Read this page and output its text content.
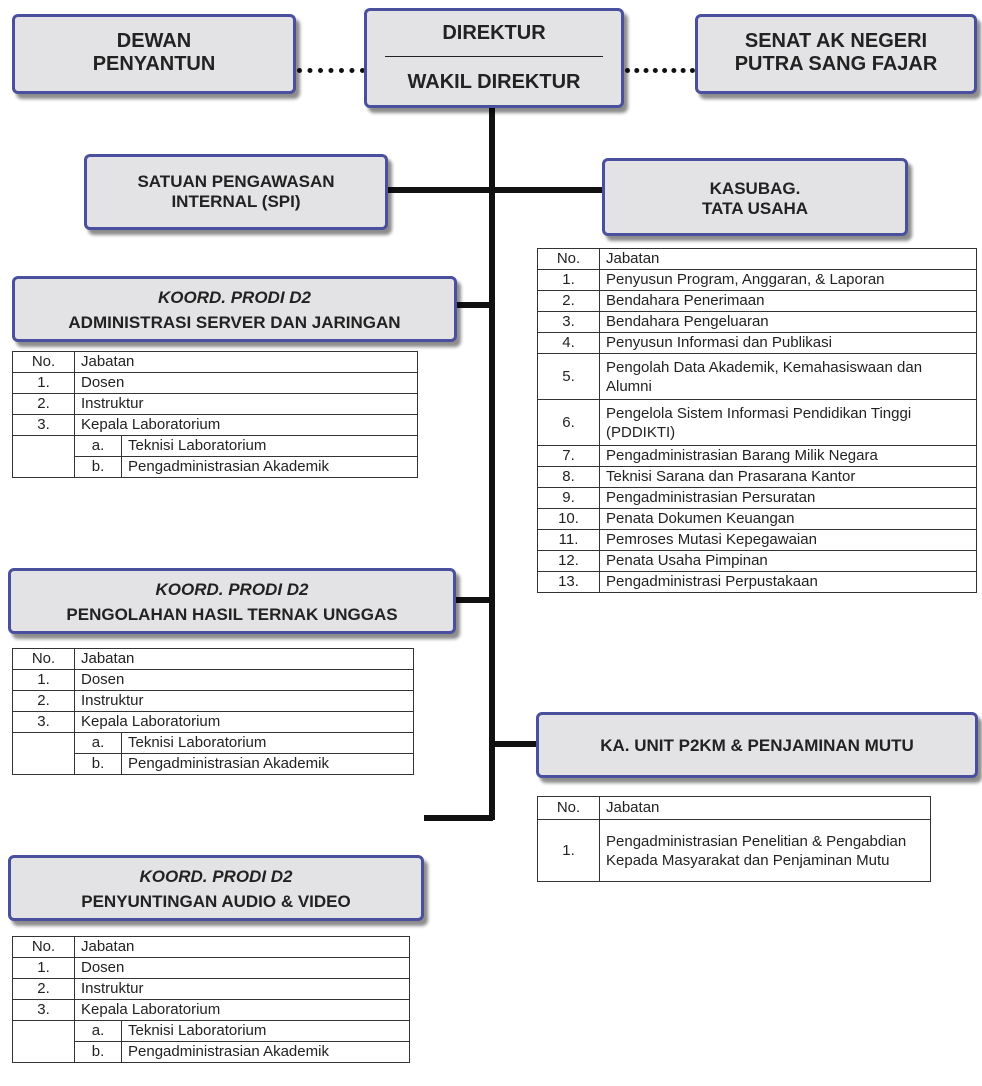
DEWAN
PENYANTUN
DIREKTUR
WAKIL DIREKTUR
SENAT AK NEGERI
PUTRA SANG FAJAR
SATUAN PENGAWASAN
INTERNAL (SPI)
KASUBAG.
TATA USAHA
No.	Jabatan
1.	Penyusun Program, Anggaran, & Laporan
2.	Bendahara Penerimaan
3.	Bendahara Pengeluaran
4.	Penyusun Informasi dan Publikasi
5.	Pengolah Data Akademik, Kemahasiswaan dan Alumni
6.	Pengelola Sistem Informasi Pendidikan Tinggi (PDDIKTI)
7.	Pengadministrasian Barang Milik Negara
8.	Teknisi Sarana dan Prasarana Kantor
9.	Pengadministrasian Persuratan
10.	Penata Dokumen Keuangan
11.	Pemroses Mutasi Kepegawaian
12.	Penata Usaha Pimpinan
13.	Pengadministrasi Perpustakaan
KA. UNIT P2KM & PENJAMINAN MUTU
No.	Jabatan
1.	Pengadministrasian Penelitian & Pengabdian Kepada Masyarakat dan Penjaminan Mutu
KOORD. PRODI D2
ADMINISTRASI SERVER DAN JARINGAN
No.	Jabatan	
1.	Dosen	
2.	Instruktur	
3.	Kepala Laboratorium	
	a.	Teknisi Laboratorium
	b.	Pengadministrasian Akademik
KOORD. PRODI D2
PENGOLAHAN HASIL TERNAK UNGGAS
No.	Jabatan	
1.	Dosen	
2.	Instruktur	
3.	Kepala Laboratorium	
	a.	Teknisi Laboratorium
	b.	Pengadministrasian Akademik
KOORD. PRODI D2
PENYUNTINGAN AUDIO & VIDEO
No.	Jabatan	
1.	Dosen	
2.	Instruktur	
3.	Kepala Laboratorium	
	a.	Teknisi Laboratorium
	b.	Pengadministrasian Akademik
